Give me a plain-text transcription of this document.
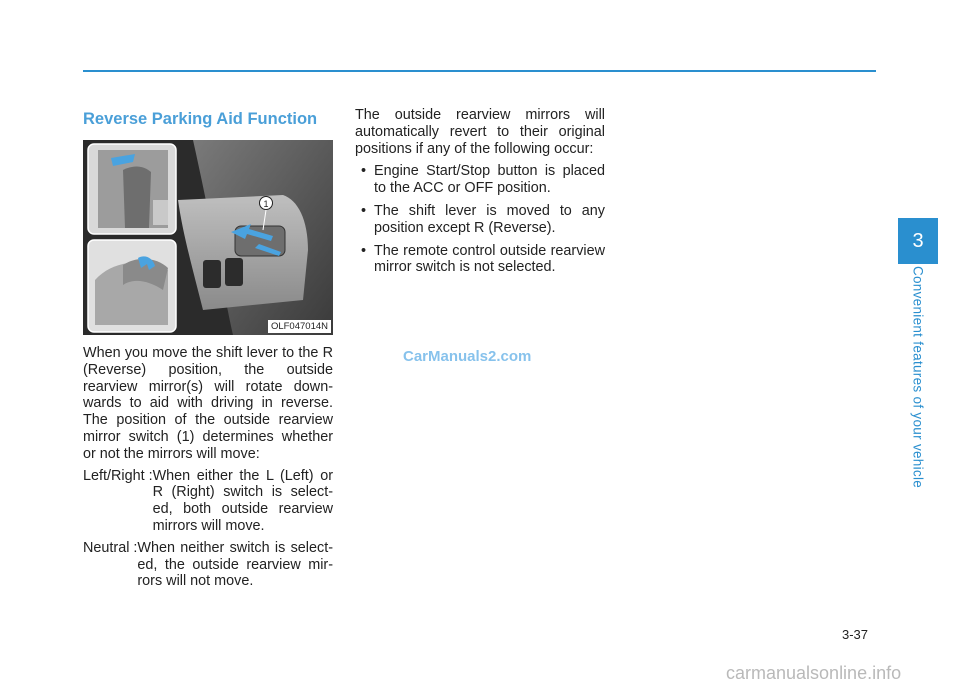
Reverse Parking Aid Function
1
OLF047014N

When you move the shift lever to the R (Reverse) position, the outside rearview mirror(s) will rotate down-wards to aid with driving in reverse. The position of the outside rearview mirror switch (1) determines whether or not the mirrors will move:

Left/Right : When either the L (Left) or R (Right) switch is select-ed, both outside rearview mirrors will move.
Neutral : When neither switch is select-ed, the outside rearview mir-rors will not move.

The outside rearview mirrors will automatically revert to their original positions if any of the following occur:

• Engine Start/Stop button is placed to the ACC or OFF position.
• The shift lever is moved to any position except R (Reverse).
• The remote control outside rearview mirror switch is not selected.
3
Convenient features of your vehicle
CarManuals2.com
3-37
carmanualsonline.info
